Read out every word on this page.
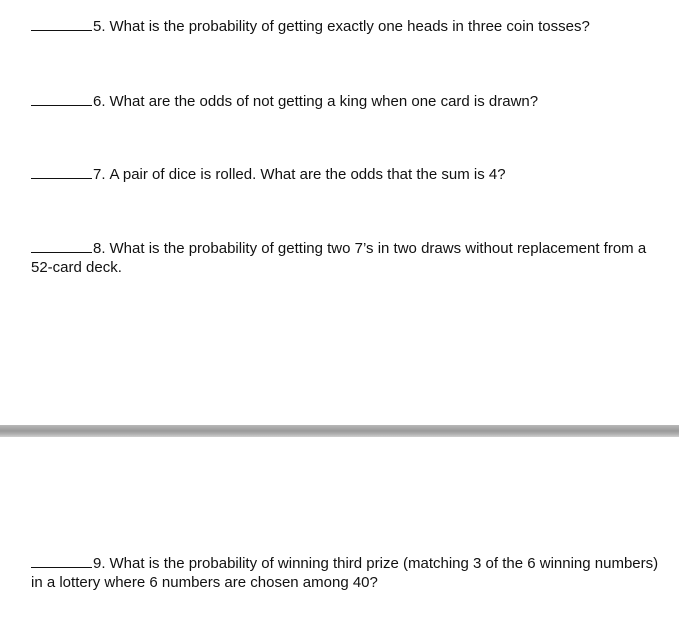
5. What is the probability of getting exactly one heads in three coin tosses?
6. What are the odds of not getting a king when one card is drawn?
7. A pair of dice is rolled. What are the odds that the sum is 4?
8. What is the probability of getting two 7’s in two draws without replacement from a 52-card deck.
9. What is the probability of winning third prize (matching 3 of the 6 winning numbers) in a lottery where 6 numbers are chosen among 40?
